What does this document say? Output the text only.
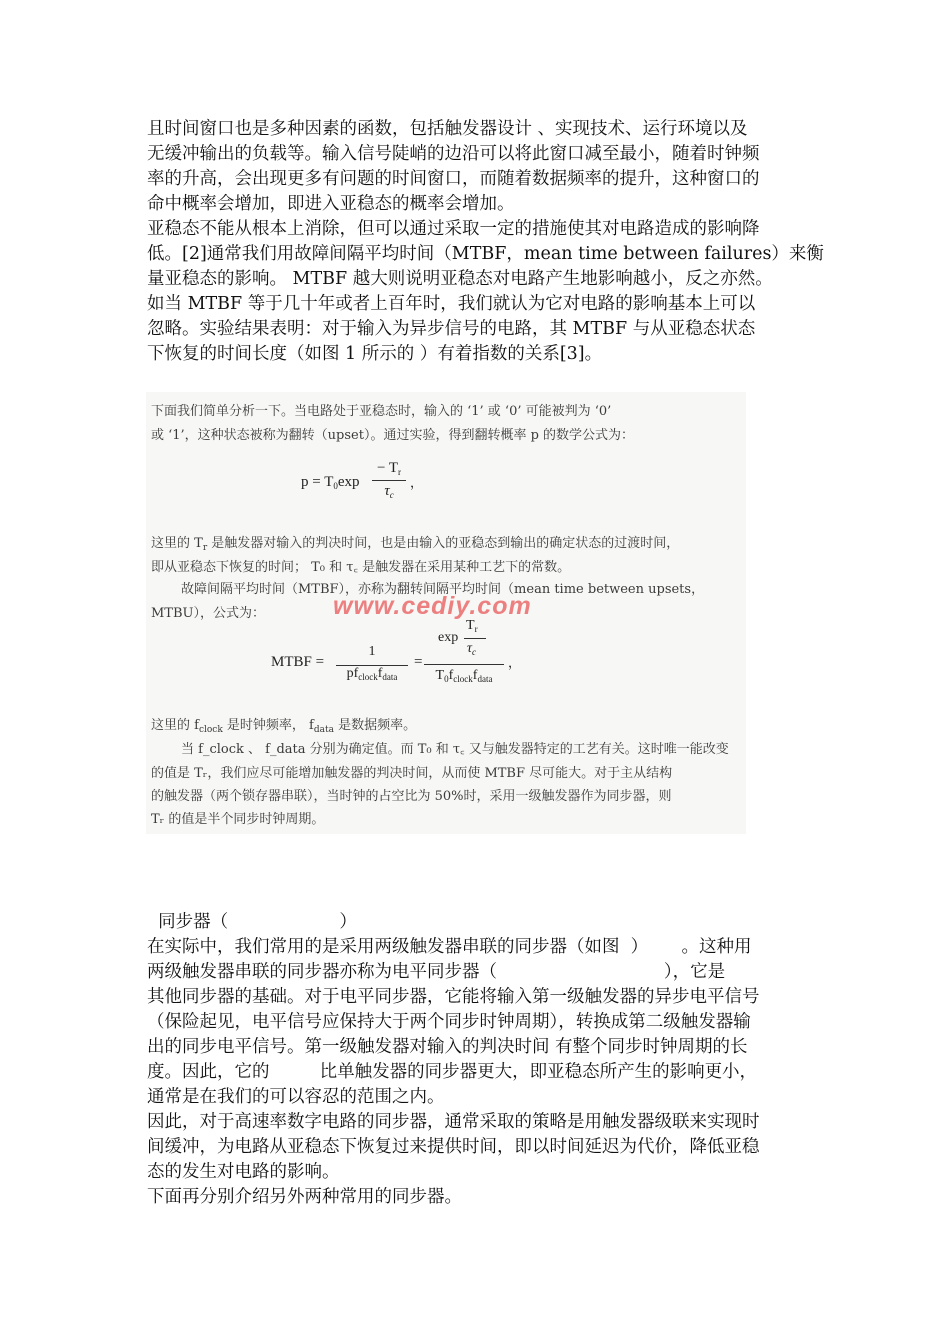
且时间窗口也是多种因素的函数，包括触发器设计 、实现技术、运行环境以及
无缓冲输出的负载等。输入信号陡峭的边沿可以将此窗口减至最小，随着时钟频
率的升高，会出现更多有问题的时间窗口，而随着数据频率的提升，这种窗口的
命中概率会增加，即进入亚稳态的概率会增加。
亚稳态不能从根本上消除，但可以通过采取一定的措施使其对电路造成的影响降
低。[2]通常我们用故障间隔平均时间（MTBF，mean time between failures）来衡
量亚稳态的影响。 MTBF 越大则说明亚稳态对电路产生地影响越小，反之亦然。
如当 MTBF 等于几十年或者上百年时，我们就认为它对电路的影响基本上可以
忽略。实验结果表明：对于输入为异步信号的电路，其 MTBF 与从亚稳态状态
下恢复的时间长度（如图 1 所示的 ）有着指数的关系[3]。
下面我们简单分析一下。当电路处于亚稳态时，输入的 ‘1’ 或 ‘0’ 可能被判为 ‘0’
或 ‘1’，这种状态被称为翻转（upset）。通过实验，得到翻转概率 p 的数学公式为：
$p = T_0\exp$
− $T_r$
$\tau_c$
，
这里的 $T_r$ 是触发器对输入的判决时间，也是由输入的亚稳态到输出的确定状态的过渡时间，
即从亚稳态下恢复的时间； T₀ 和 τ꜀ 是触发器在采用某种工艺下的常数。
故障间隔平均时间（MTBF），亦称为翻转间隔平均时间（mean time between upsets，
MTBU），公式为：	www.cediy.com
MTBF =
1
$pf_{clock}f_{data}$
=
exp
$T_r$
$\tau_c$
$T_0f_{clock}f_{data}$
，
这里的 $f_{clock}$ 是时钟频率， $f_{data}$ 是数据频率。
当 f_clock 、 f_data 分别为确定值。而 T₀ 和 τ꜀ 又与触发器特定的工艺有关。这时唯一能改变
的值是 Tᵣ，我们应尽可能增加触发器的判决时间，从而使 MTBF 尽可能大。对于主从结构
的触发器（两个锁存器串联），当时钟的占空比为 50%时，采用一级触发器作为同步器，则
Tᵣ 的值是半个同步时钟周期。
同步器（                    ）
在实际中，我们常用的是采用两级触发器串联的同步器（如图  ）      。这种用
两级触发器串联的同步器亦称为电平同步器（                              ），它是
其他同步器的基础。对于电平同步器，它能将输入第一级触发器的异步电平信号
（保险起见，电平信号应保持大于两个同步时钟周期），转换成第二级触发器输
出的同步电平信号。第一级触发器对输入的判决时间 有整个同步时钟周期的长
度。因此，它的         比单触发器的同步器更大，即亚稳态所产生的影响更小，
通常是在我们的可以容忍的范围之内。
因此，对于高速率数字电路的同步器，通常采取的策略是用触发器级联来实现时
间缓冲，为电路从亚稳态下恢复过来提供时间，即以时间延迟为代价，降低亚稳
态的发生对电路的影响。
下面再分别介绍另外两种常用的同步器。
